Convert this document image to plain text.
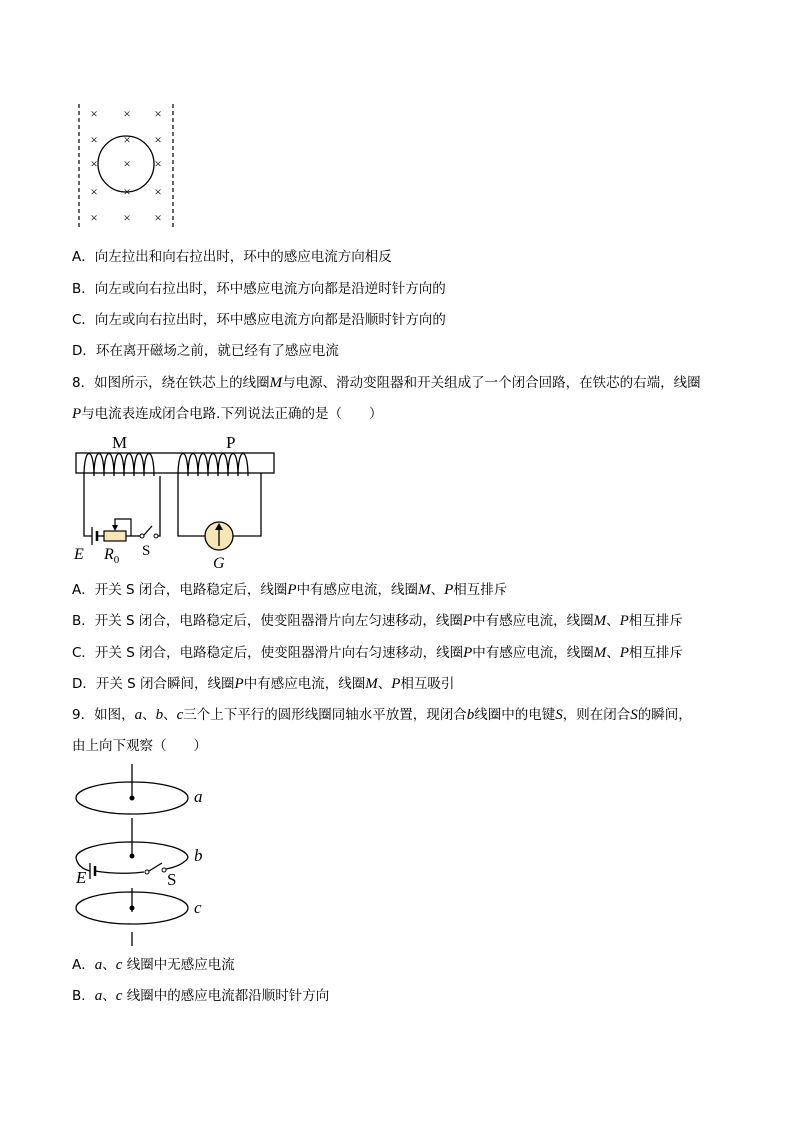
× × ×
× × ×
× × ×
× × ×
× × ×
A．向左拉出和向右拉出时，环中的感应电流方向相反
B．向左或向右拉出时，环中感应电流方向都是沿逆时针方向的
C．向左或向右拉出时，环中感应电流方向都是沿顺时针方向的
D．环在离开磁场之前，就已经有了感应电流
8．如图所示，绕在铁芯上的线圈M与电源、滑动变阻器和开关组成了一个闭合回路，在铁芯的右端，线圈
P与电流表连成闭合电路.下列说法正确的是（　　）
M	P
E $R_0$
S
G
A．开关 S 闭合，电路稳定后，线圈P中有感应电流，线圈M、P相互排斥
B．开关 S 闭合，电路稳定后，使变阻器滑片向左匀速移动，线圈P中有感应电流，线圈M、P相互排斥
C．开关 S 闭合，电路稳定后，使变阻器滑片向右匀速移动，线圈P中有感应电流，线圈M、P相互排斥
D．开关 S 闭合瞬间，线圈P中有感应电流，线圈M、P相互吸引
9．如图，a、b、c三个上下平行的圆形线圈同轴水平放置，现闭合b线圈中的电键S，则在闭合S的瞬间，
由上向下观察（　　）
a
b
E	S
c
A．a、c 线圈中无感应电流
B．a、c 线圈中的感应电流都沿顺时针方向
